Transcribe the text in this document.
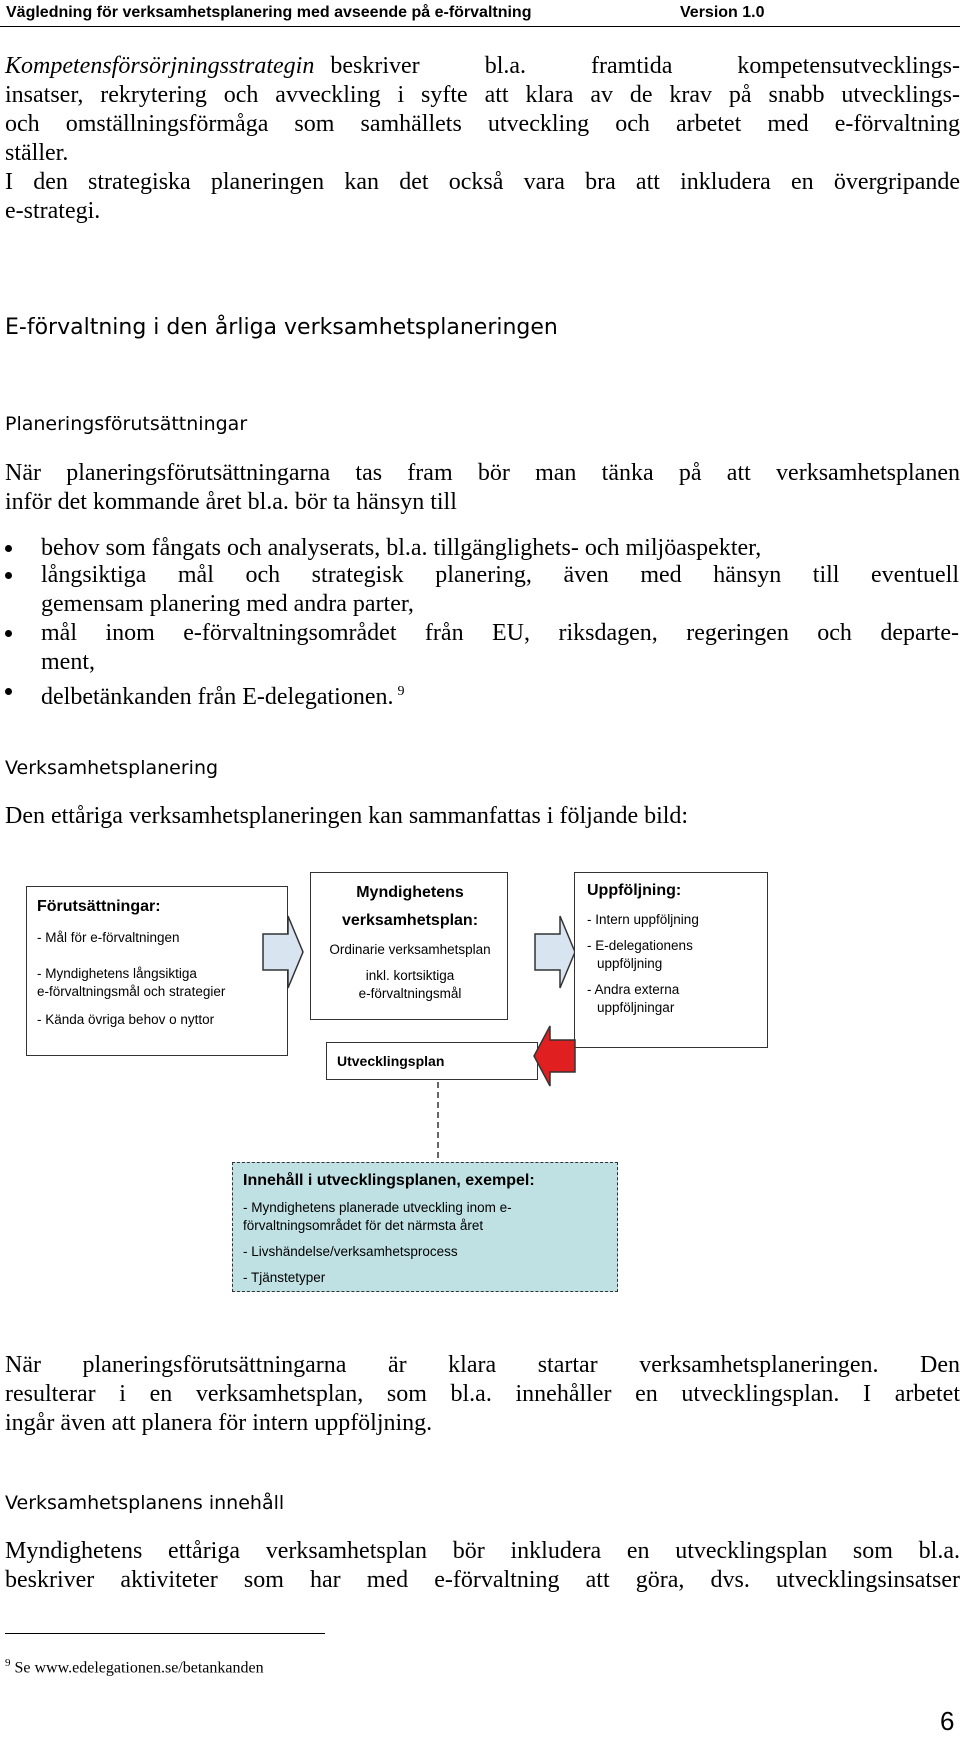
Vägledning för verksamhetsplanering med avseende på e-förvaltning	Version 1.0
Kompetensförsörjningsstrategin beskriver bl.a. framtida kompetensutvecklings-
insatser, rekrytering och avveckling i syfte att klara av de krav på snabb utvecklings-
och omställningsförmåga som samhällets utveckling och arbetet med e-förvaltning
ställer.
I den strategiska planeringen kan det också vara bra att inkludera en övergripande
e-strategi.
E-förvaltning i den årliga verksamhetsplaneringen
Planeringsförutsättningar
När planeringsförutsättningarna tas fram bör man tänka på att verksamhetsplanen
inför det kommande året bl.a. bör ta hänsyn till
behov som fångats och analyserats, bl.a. tillgänglighets- och miljöaspekter,
långsiktiga mål och strategisk planering, även med hänsyn till eventuell
gemensam planering med andra parter,
mål inom e-förvaltningsområdet från EU, riksdagen, regeringen och departe-
ment,
delbetänkanden från E-delegationen. $^9$
Verksamhetsplanering
Den ettåriga verksamhetsplaneringen kan sammanfattas i följande bild:
Förutsättningar:
- Mål för e-förvaltningen
- Myndighetens långsiktiga
e-förvaltningsmål och strategier
- Kända övriga behov o nyttor
Myndighetens
verksamhetsplan:
Ordinarie verksamhetsplan
inkl. kortsiktiga
e-förvaltningsmål
Utvecklingsplan
Uppföljning:
- Intern uppföljning
- E-delegationens
uppföljning
- Andra externa
uppföljningar
Innehåll i utvecklingsplanen, exempel:
- Myndighetens planerade utveckling inom e-
förvaltningsområdet för det närmsta året
- Livshändelse/verksamhetsprocess
- Tjänstetyper
När planeringsförutsättningarna är klara startar verksamhetsplaneringen. Den
resulterar i en verksamhetsplan, som bl.a. innehåller en utvecklingsplan. I arbetet
ingår även att planera för intern uppföljning.
Verksamhetsplanens innehåll
Myndighetens ettåriga verksamhetsplan bör inkludera en utvecklingsplan som bl.a.
beskriver aktiviteter som har med e-förvaltning att göra, dvs. utvecklingsinsatser
$^9$ Se www.edelegationen.se/betankanden
6
